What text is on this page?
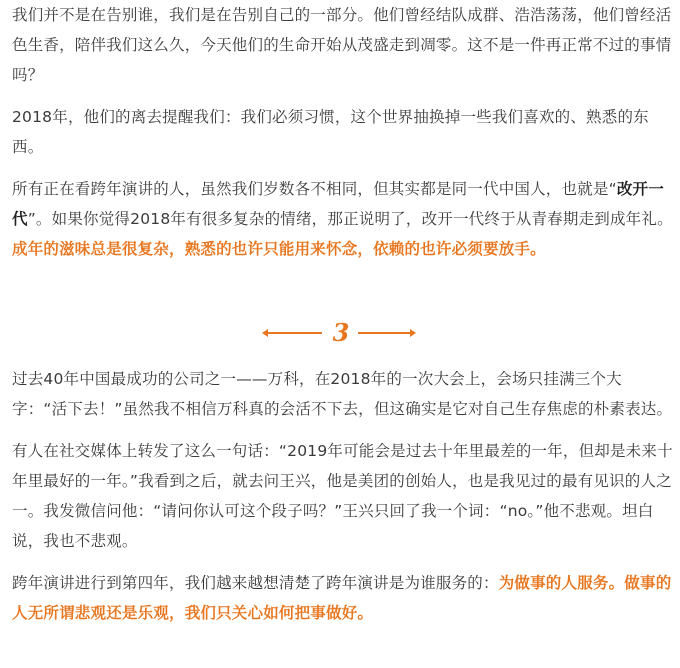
我们并不是在告别谁，我们是在告别自己的一部分。他们曾经结队成群、浩浩荡荡，他们曾经活色生香，陪伴我们这么久，今天他们的生命开始从茂盛走到凋零。这不是一件再正常不过的事情吗？

2018年，他们的离去提醒我们：我们必须习惯，这个世界抽换掉一些我们喜欢的、熟悉的东西。

所有正在看跨年演讲的人，虽然我们岁数各不相同，但其实都是同一代中国人，也就是“改开一代”。如果你觉得2018年有很多复杂的情绪，那正说明了，改开一代终于从青春期走到成年礼。成年的滋味总是很复杂，熟悉的也许只能用来怀念，依赖的也许必须要放手。

3

过去40年中国最成功的公司之一——万科，在2018年的一次大会上，会场只挂满三个大字：“活下去！”虽然我不相信万科真的会活不下去，但这确实是它对自己生存焦虑的朴素表达。

有人在社交媒体上转发了这么一句话：“2019年可能会是过去十年里最差的一年，但却是未来十年里最好的一年。”我看到之后，就去问王兴，他是美团的创始人，也是我见过的最有见识的人之一。我发微信问他：“请问你认可这个段子吗？”王兴只回了我一个词：“no。”他不悲观。坦白说，我也不悲观。

跨年演讲进行到第四年，我们越来越想清楚了跨年演讲是为谁服务的：为做事的人服务。做事的人无所谓悲观还是乐观，我们只关心如何把事做好。
